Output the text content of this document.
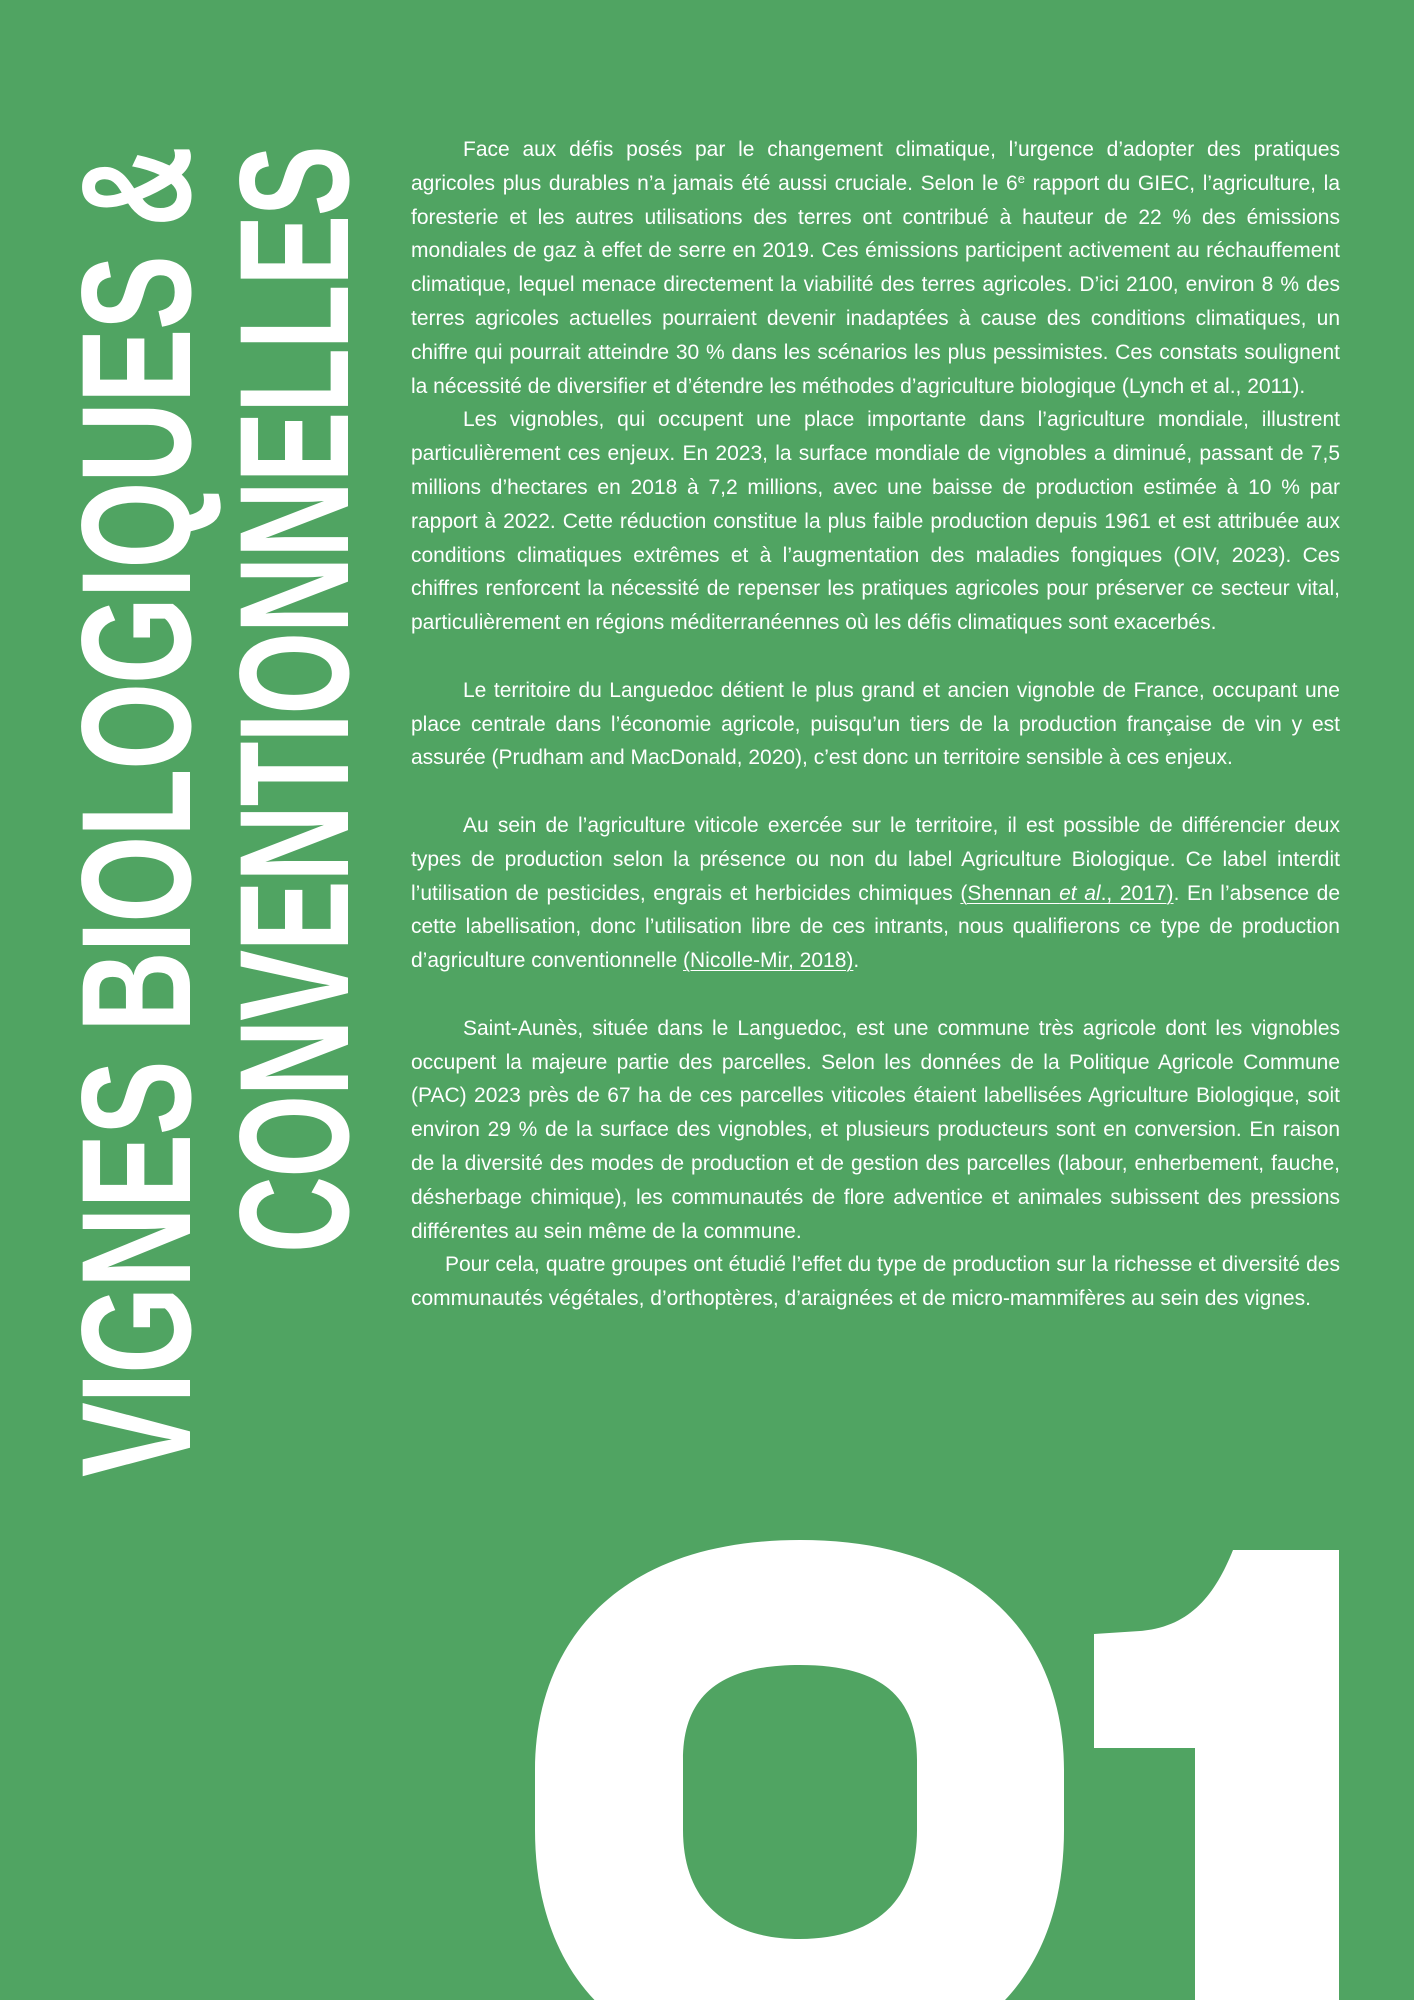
VIGNES BIOLOGIQUES &
CONVENTIONNELLES	Face aux défis posés par le changement climatique, l’urgence d’adopter des pratiques agricoles plus durables n’a jamais été aussi cruciale. Selon le 6e rapport du GIEC, l’agriculture, la foresterie et les autres utilisations des terres ont contribué à hauteur de 22 % des émissions mondiales de gaz à effet de serre en 2019. Ces émissions participent activement au réchauffement climatique, lequel menace directement la viabilité des terres agricoles. D’ici 2100, environ 8 % des terres agricoles actuelles pourraient devenir inadaptées à cause des conditions climatiques, un chiffre qui pourrait atteindre 30 % dans les scénarios les plus pessimistes. Ces constats soulignent la nécessité de diversifier et d’étendre les méthodes d’agriculture biologique (Lynch et al., 2011).

Les vignobles, qui occupent une place importante dans l’agriculture mondiale, illustrent particulièrement ces enjeux. En 2023, la surface mondiale de vignobles a diminué, passant de 7,5 millions d’hectares en 2018 à 7,2 millions, avec une baisse de production estimée à 10 % par rapport à 2022. Cette réduction constitue la plus faible production depuis 1961 et est attribuée aux conditions climatiques extrêmes et à l’augmentation des maladies fongiques (OIV, 2023). Ces chiffres renforcent la nécessité de repenser les pratiques agricoles pour préserver ce secteur vital, particulièrement en régions méditerranéennes où les défis climatiques sont exacerbés.

Le territoire du Languedoc détient le plus grand et ancien vignoble de France, occupant une place centrale dans l’économie agricole, puisqu’un tiers de la production française de vin y est assurée (Prudham and MacDonald, 2020), c’est donc un territoire sensible à ces enjeux.

Au sein de l’agriculture viticole exercée sur le territoire, il est possible de différencier deux types de production selon la présence ou non du label Agriculture Biologique. Ce label interdit l’utilisation de pesticides, engrais et herbicides chimiques (Shennan et al., 2017). En l’absence de cette labellisation, donc l’utilisation libre de ces intrants, nous qualifierons ce type de production d’agriculture conventionnelle (Nicolle-Mir, 2018).

Saint-Aunès, située dans le Languedoc, est une commune très agricole dont les vignobles occupent la majeure partie des parcelles. Selon les données de la Politique Agricole Commune (PAC) 2023 près de 67 ha de ces parcelles viticoles étaient labellisées Agriculture Biologique, soit environ 29 % de la surface des vignobles, et plusieurs producteurs sont en conversion. En raison de la diversité des modes de production et de gestion des parcelles (labour, enherbement, fauche, désherbage chimique), les communautés de flore adventice et animales subissent des pressions différentes au sein même de la commune.

Pour cela, quatre groupes ont étudié l’effet du type de production sur la richesse et diversité des communautés végétales, d’orthoptères, d’araignées et de micro-mammifères au sein des vignes.
